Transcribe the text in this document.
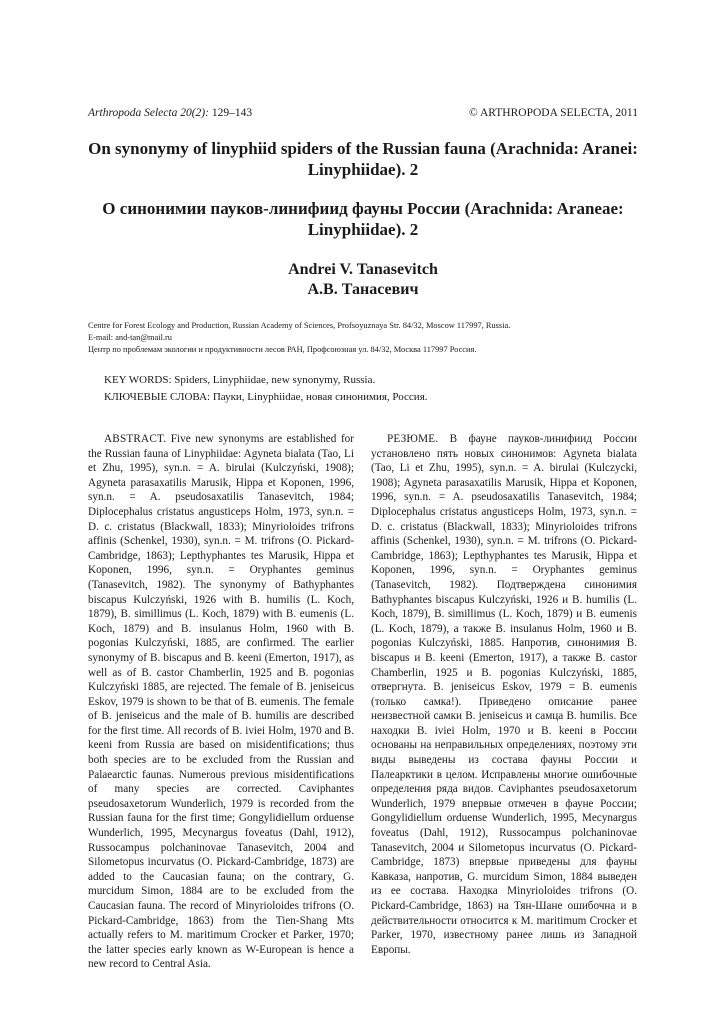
Arthropoda Selecta 20(2): 129–143	© ARTHROPODA SELECTA, 2011

On synonymy of linyphiid spiders of the Russian fauna (Arachnida: Aranei: Linyphiidae). 2

О синонимии пауков-линифиид фауны России (Arachnida: Araneae: Linyphiidae). 2

Andrei V. Tanasevitch

А.В. Танасевич

Centre for Forest Ecology and Production, Russian Academy of Sciences, Profsoyuznaya Str. 84/32, Moscow 117997, Russia.
E-mail: and-tan@mail.ru
Центр по проблемам экологии и продуктивности лесов РАН, Профсоюзная ул. 84/32, Москва 117997 Россия.
KEY WORDS: Spiders, Linyphiidae, new synonymy, Russia.
КЛЮЧЕВЫЕ СЛОВА: Пауки, Linyphiidae, новая синонимия, Россия.

ABSTRACT. Five new synonyms are established for the Russian fauna of Linyphiidae: Agyneta bialata (Tao, Li et Zhu, 1995), syn.n. = A. birulai (Kulczyński, 1908); Agyneta parasaxatilis Marusik, Hippa et Koponen, 1996, syn.n. = A. pseudosaxatilis Tanasevitch, 1984; Diplocephalus cristatus angusticeps Holm, 1973, syn.n. = D. c. cristatus (Blackwall, 1833); Minyrioloides trifrons affinis (Schenkel, 1930), syn.n. = M. trifrons (O. Pickard-Cambridge, 1863); Lepthyphantes tes Marusik, Hippa et Koponen, 1996, syn.n. = Oryphantes geminus (Tanasevitch, 1982). The synonymy of Bathyphantes biscapus Kulczyński, 1926 with B. humilis (L. Koch, 1879), B. simillimus (L. Koch, 1879) with B. eumenis (L. Koch, 1879) and B. insulanus Holm, 1960 with B. pogonias Kulczyński, 1885, are confirmed. The earlier synonymy of B. biscapus and B. keeni (Emerton, 1917), as well as of B. castor Chamberlin, 1925 and B. pogonias Kulczyński 1885, are rejected. The female of B. jeniseicus Eskov, 1979 is shown to be that of B. eumenis. The female of B. jeniseicus and the male of B. humilis are described for the first time. All records of B. iviei Holm, 1970 and B. keeni from Russia are based on misidentifications; thus both species are to be excluded from the Russian and Palaearctic faunas. Numerous previous misidentifications of many species are corrected. Caviphantes pseudosaxetorum Wunderlich, 1979 is recorded from the Russian fauna for the first time; Gongylidiellum orduense Wunderlich, 1995, Mecynargus foveatus (Dahl, 1912), Russocampus polchaninovae Tanasevitch, 2004 and Silometopus incurvatus (O. Pickard-Cambridge, 1873) are added to the Caucasian fauna; on the contrary, G. murcidum Simon, 1884 are to be excluded from the Caucasian fauna. The record of Minyrioloides trifrons (O. Pickard-Cambridge, 1863) from the Tien-Shang Mts actually refers to M. maritimum Crocker et Parker, 1970; the latter species early known as W-European is hence a new record to Central Asia.

РЕЗЮМЕ. В фауне пауков-линифиид России установлено пять новых синонимов: Agyneta bialata (Tao, Li et Zhu, 1995), syn.n. = A. birulai (Kulczycki, 1908); Agyneta parasaxatilis Marusik, Hippa et Koponen, 1996, syn.n. = A. pseudosaxatilis Tanasevitch, 1984; Diplocephalus cristatus angusticeps Holm, 1973, syn.n. = D. c. cristatus (Blackwall, 1833); Minyrioloides trifrons affinis (Schenkel, 1930), syn.n. = M. trifrons (O. Pickard-Cambridge, 1863); Lepthyphantes tes Marusik, Hippa et Koponen, 1996, syn.n. = Oryphantes geminus (Tanasevitch, 1982). Подтверждена синонимия Bathyphantes biscapus Kulczyński, 1926 и B. humilis (L. Koch, 1879), B. simillimus (L. Koch, 1879) и B. eumenis (L. Koch, 1879), а также B. insulanus Holm, 1960 и B. pogonias Kulczyński, 1885. Напротив, синонимия B. biscapus и B. keeni (Emerton, 1917), а также B. castor Chamberlin, 1925 и B. pogonias Kulczyński, 1885, отвергнута. B. jeniseicus Eskov, 1979 = B. eumenis (только самка!). Приведено описание ранее неизвестной самки B. jeniseicus и самца B. humilis. Все находки B. iviei Holm, 1970 и B. keeni в России основаны на неправильных определениях, поэтому эти виды выведены из состава фауны России и Палеарктики в целом. Исправлены многие ошибочные определения ряда видов. Caviphantes pseudosaxetorum Wunderlich, 1979 впервые отмечен в фауне России; Gongylidiellum orduense Wunderlich, 1995, Mecynargus foveatus (Dahl, 1912), Russocampus polchaninovae Tanasevitch, 2004 и Silometopus incurvatus (O. Pickard-Cambridge, 1873) впервые приведены для фауны Кавказа, напротив, G. murcidum Simon, 1884 выведен из ее состава. Находка Minyrioloides trifrons (O. Pickard-Cambridge, 1863) на Тян-Шане ошибочна и в действительности относится к M. maritimum Crocker et Parker, 1970, известному ранее лишь из Западной Европы.
